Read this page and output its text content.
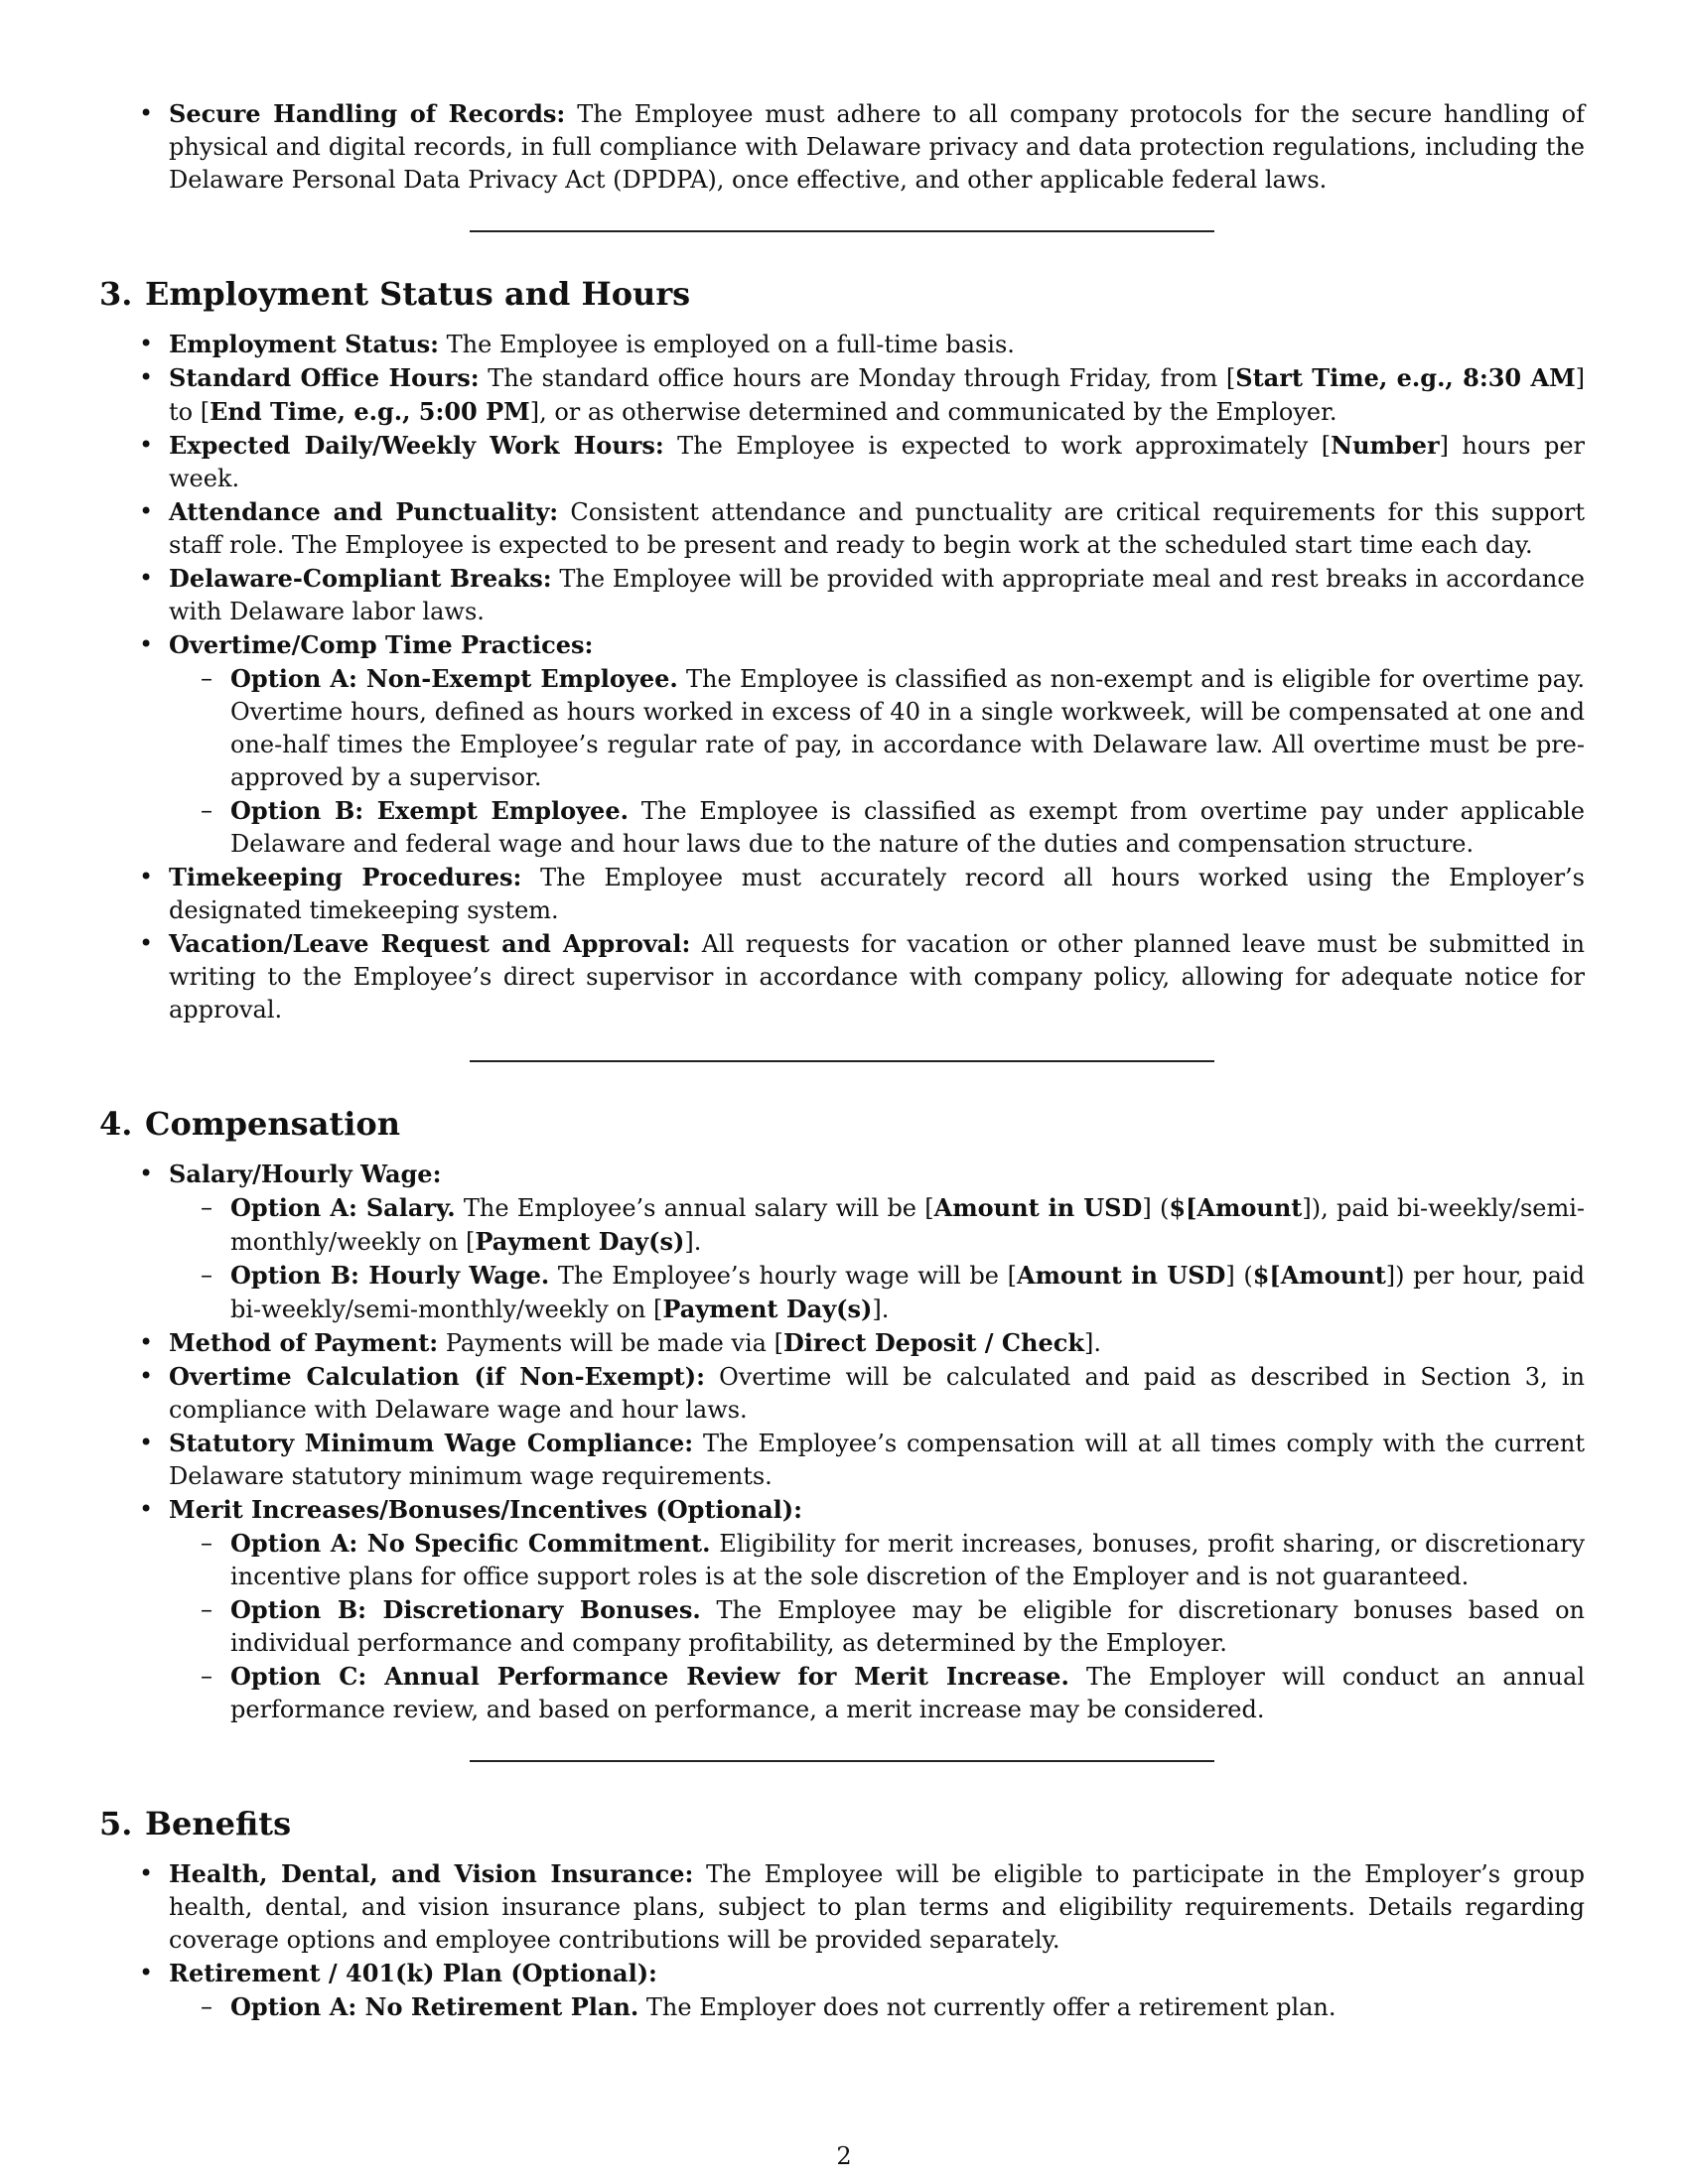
• Secure Handling of Records: The Employee must adhere to all company protocols for the secure handling of physical and digital records, in full compliance with Delaware privacy and data protection regulations, including the Delaware Personal Data Privacy Act (DPDPA), once effective, and other applicable federal laws.
3. Employment Status and Hours
• Employment Status: The Employee is employed on a full-time basis.
• Standard Office Hours: The standard office hours are Monday through Friday, from [Start Time, e.g., 8:30 AM] to [End Time, e.g., 5:00 PM], or as otherwise determined and communicated by the Employer.
• Expected Daily/Weekly Work Hours: The Employee is expected to work approximately [Number] hours per week.
• Attendance and Punctuality: Consistent attendance and punctuality are critical requirements for this support staff role. The Employee is expected to be present and ready to begin work at the scheduled start time each day.
• Delaware-Compliant Breaks: The Employee will be provided with appropriate meal and rest breaks in accordance with Delaware labor laws.
• Overtime/Comp Time Practices:
– Option A: Non-Exempt Employee. The Employee is classified as non-exempt and is eligible for overtime pay. Overtime hours, defined as hours worked in excess of 40 in a single workweek, will be compensated at one and one-half times the Employee’s regular rate of pay, in accordance with Delaware law. All overtime must be pre-approved by a supervisor.
– Option B: Exempt Employee. The Employee is classified as exempt from overtime pay under applicable Delaware and federal wage and hour laws due to the nature of the duties and compensation structure.
• Timekeeping Procedures: The Employee must accurately record all hours worked using the Employer’s designated timekeeping system.
• Vacation/Leave Request and Approval: All requests for vacation or other planned leave must be submitted in writing to the Employee’s direct supervisor in accordance with company policy, allowing for adequate notice for approval.
4. Compensation
• Salary/Hourly Wage:
– Option A: Salary. The Employee’s annual salary will be [Amount in USD] ($[Amount]), paid bi-weekly/semi-monthly/weekly on [Payment Day(s)].
– Option B: Hourly Wage. The Employee’s hourly wage will be [Amount in USD] ($[Amount]) per hour, paid bi-weekly/semi-monthly/weekly on [Payment Day(s)].
• Method of Payment: Payments will be made via [Direct Deposit / Check].
• Overtime Calculation (if Non-Exempt): Overtime will be calculated and paid as described in Section 3, in compliance with Delaware wage and hour laws.
• Statutory Minimum Wage Compliance: The Employee’s compensation will at all times comply with the current Delaware statutory minimum wage requirements.
• Merit Increases/Bonuses/Incentives (Optional):
– Option A: No Specific Commitment. Eligibility for merit increases, bonuses, profit sharing, or discretionary incentive plans for office support roles is at the sole discretion of the Employer and is not guaranteed.
– Option B: Discretionary Bonuses. The Employee may be eligible for discretionary bonuses based on individual performance and company profitability, as determined by the Employer.
– Option C: Annual Performance Review for Merit Increase. The Employer will conduct an annual performance review, and based on performance, a merit increase may be considered.
5. Benefits
• Health, Dental, and Vision Insurance: The Employee will be eligible to participate in the Employer’s group health, dental, and vision insurance plans, subject to plan terms and eligibility requirements. Details regarding coverage options and employee contributions will be provided separately.
• Retirement / 401(k) Plan (Optional):
– Option A: No Retirement Plan. The Employer does not currently offer a retirement plan.
2
